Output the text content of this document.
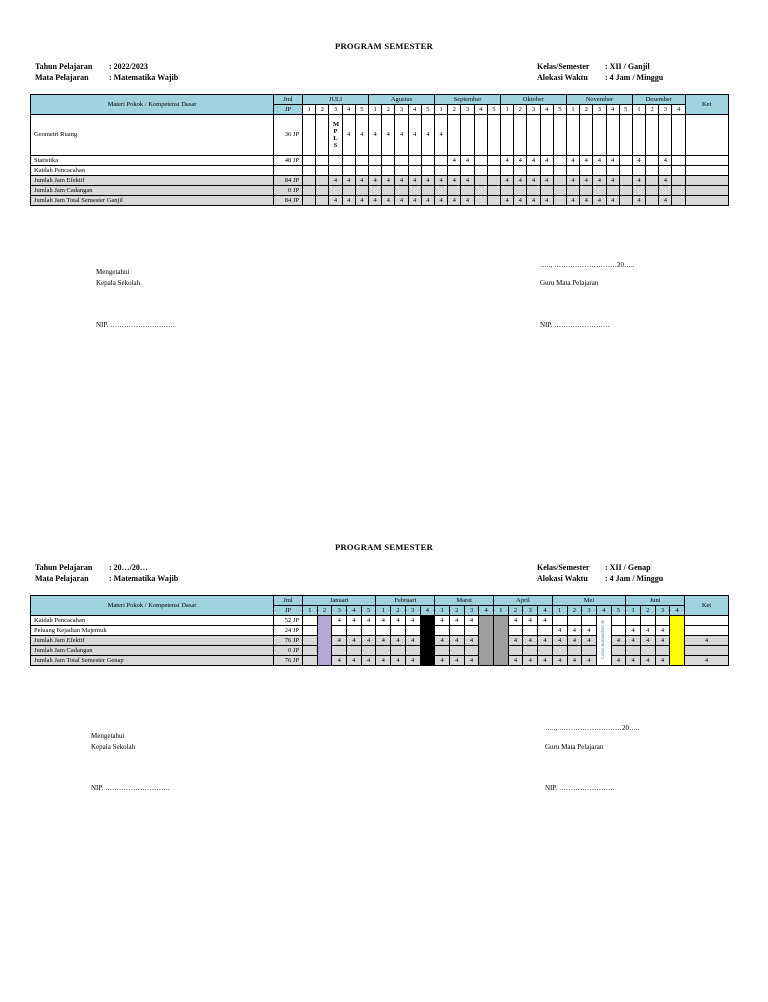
PROGRAM SEMESTER
Tahun Pelajaran : 2022/2023
Mata Pelajaran	: Matematika Wajib
Kelas/Semester : XII / Ganjil
Alokasi Waktu : 4 Jam / Minggu
Materi Pokok / Kompetensi Dasar	Jml	JULI					Agustus					September					Oktober					November					Desember				Ket
	JP	1	2	3	4	5	1	2	3	4	5	1	2	3	4	5	1	2	3	4	5	1	2	3	4	5	1	2	3	4	
Geometri Ruang	36 JP			M P L S	4	4	4	4	4	4	4	4																			
Statistika	48 JP												4	4			4	4	4	4		4	4	4	4		4		4		
Kaidah Pencacahan																															
Jumlah Jam Efektif	84 JP			4	4	4	4	4	4	4	4	4	4	4			4	4	4	4		4	4	4	4		4		4		
Jumlah Jam Cadangan	0 JP																														
Jumlah Jam Total Semester Ganjil	84 JP			4	4	4	4	4	4	4	4	4	4	4			4	4	4	4		4	4	4	4		4		4		
….., ………………………20…..
Mengetahui
Kepala Sekolah	Guru Mata Pelajaran
NIP. ……………………….	NIP. ……………………
PROGRAM SEMESTER
Tahun Pelajaran : 20…/20…
Mata Pelajaran	: Matematika Wajib
Kelas/Semester : XII / Genap
Alokasi Waktu : 4 Jam / Minggu
Materi Pokok / Kompetensi Dasar	Jml	Januari					Februari				Maret				April				Mei					Juni				Ket	
	JP	1	2	3	4	5	1	2	3	4	1	2	3	4	1	2	3	4	1	2	3	4	5	1	2	3	4		
Kaidah Pencacahan	52 JP			4	4	4	4	4	4		4	4	4			4	4	4				Libur Ramadhan &							
Peluang Kejadian Majemuk	24 JP																		4	4	4			4	4	4			
Jumlah Jam Efektif	76 JP			4	4	4	4	4	4		4	4	4			4	4	4	4	4	4		4	4	4	4		4	
Jumlah Jam Cadangan	0 JP																												
Jumlah Jam Total Semester Genap	76 JP			4	4	4	4	4	4		4	4	4			4	4	4	4	4	4		4	4	4	4		4	
….., ………………………20…..
Mengetahui
Kepala Sekolah	Guru Mata Pelajaran
NIP. ……………………….	NIP. ……………………
